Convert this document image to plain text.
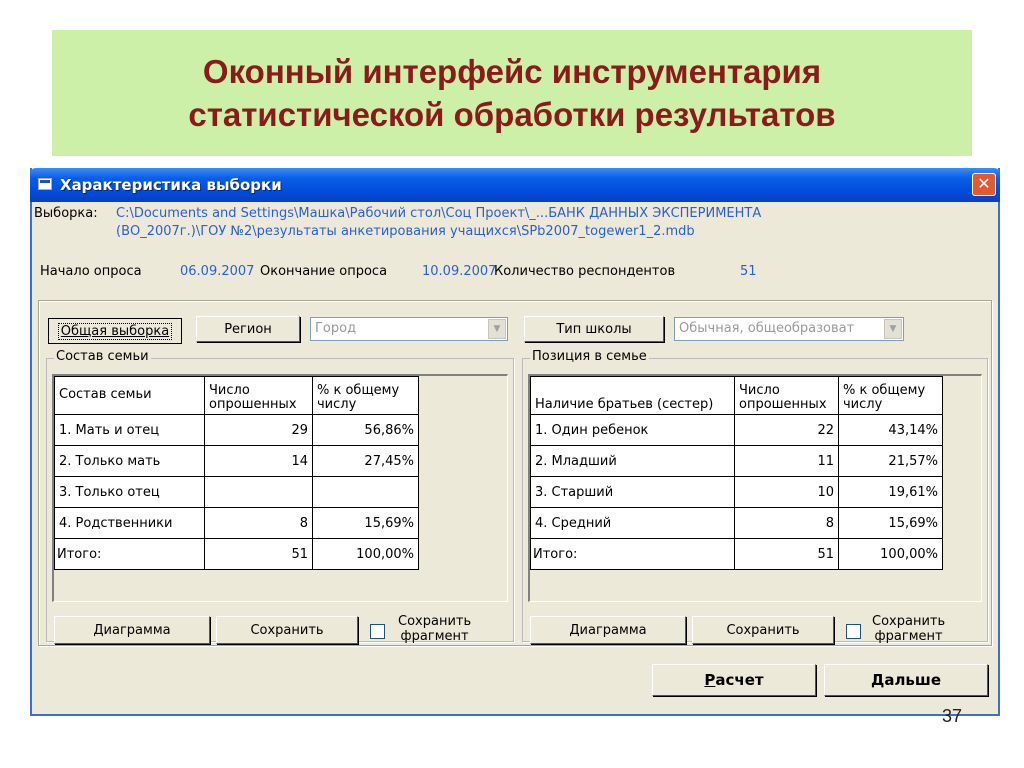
Оконный интерфейс инструментария
статистической обработки результатов
Характеристика выборки	✕
Выборка: C:\Documents and Settings\Машка\Рабочий стол\Соц Проект\_...БАНК ДАННЫХ ЭКСПЕРИМЕНТА
(ВО_2007г.)\ГОУ №2\результаты анкетирования учащихся\SPb2007_togewer1_2.mdb
Начало опроса	06.09.2007 Окончание опроса	10.09.2007
Количество респондентов	51
Общая выборка	Регион	Город	▼	Тип школы	Обычная, общеобразоват	▼
Состав семьи
Состав семьи	Число опрошенных	% к общему числу
1. Мать и отец	29	56,86%
2. Только мать	14	27,45%
3. Только отец		
4. Родственники	8	15,69%
Итого:	51	100,00%
Диаграмма	Сохранить
Сохранить
фрагмент
Позиция в семье
Наличие братьев (сестер)	Число опрошенных	% к общему числу
1. Один ребенок	22	43,14%
2. Младший	11	21,57%
3. Старший	10	19,61%
4. Средний	8	15,69%
Итого:	51	100,00%
Диаграмма	Сохранить
Сохранить
фрагмент
Р асчет	Д альше
37
